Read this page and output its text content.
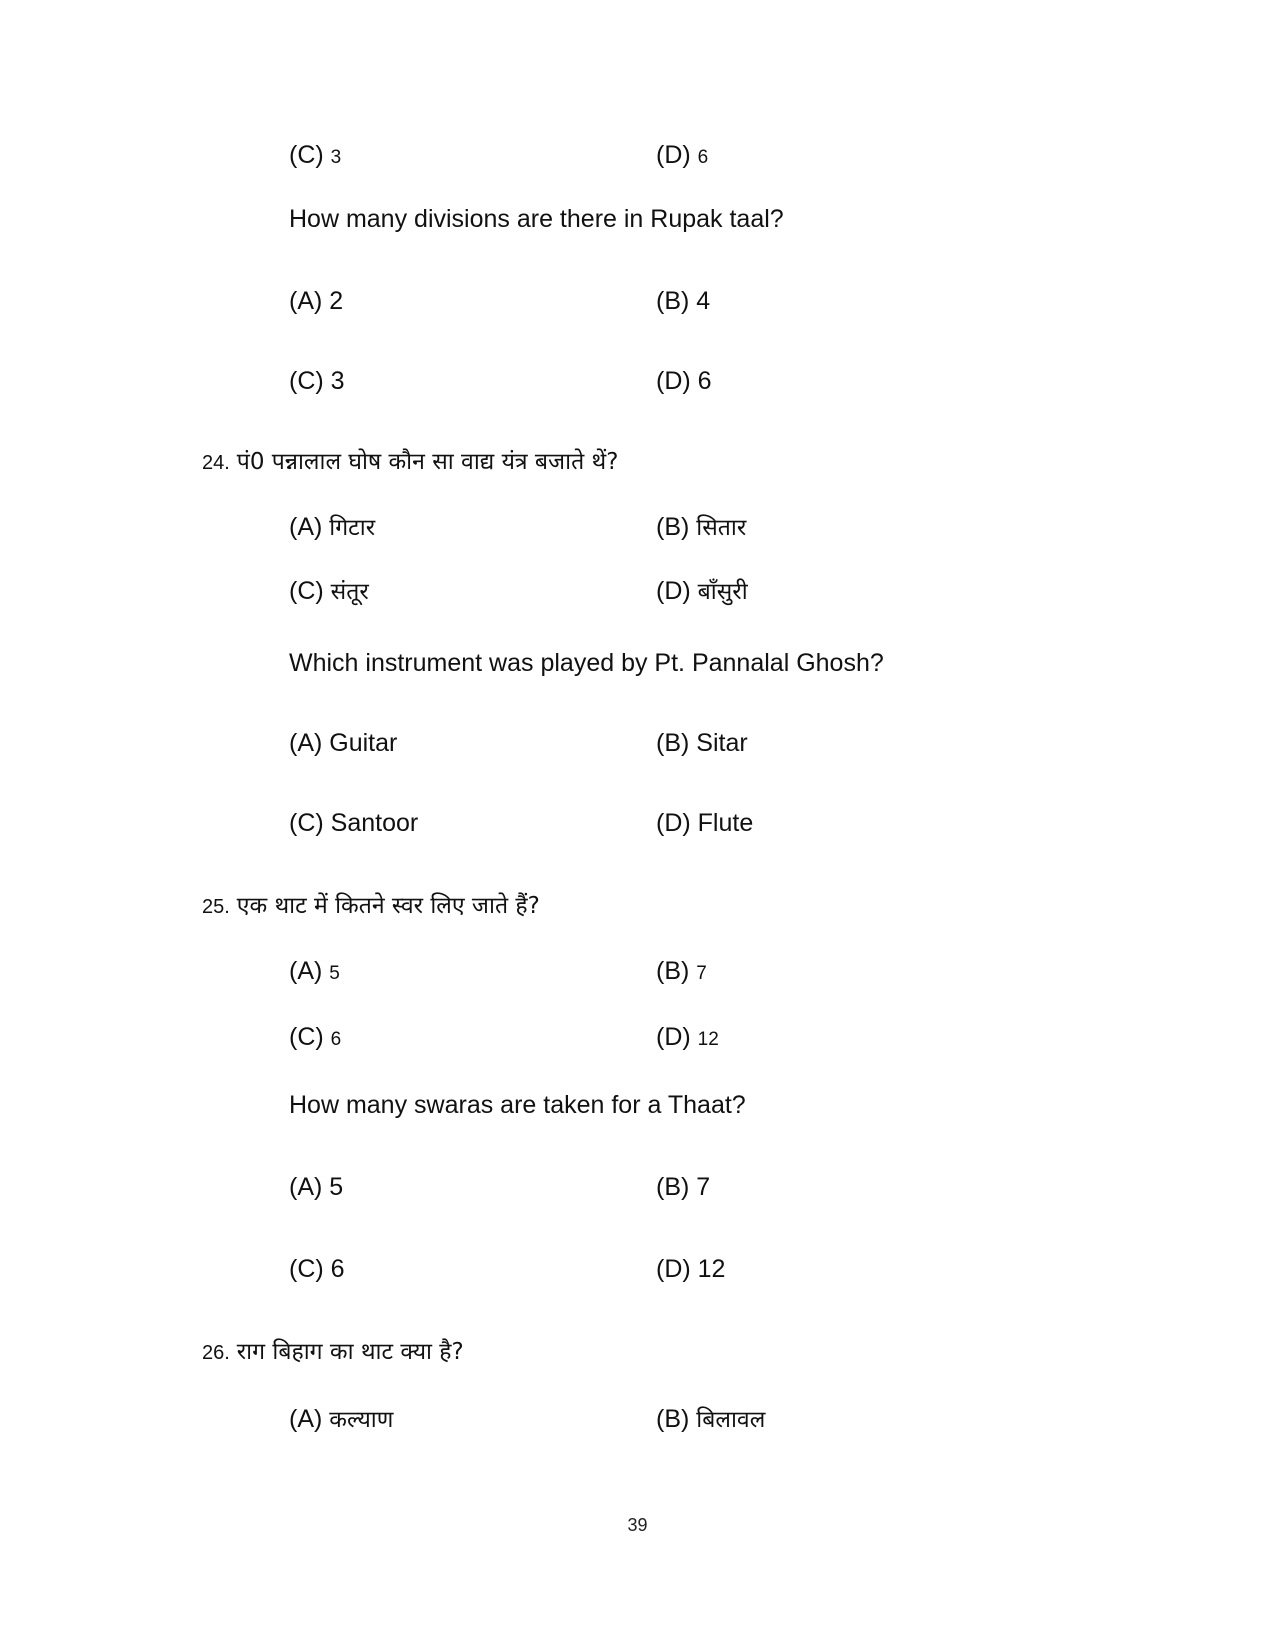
(C) 3	(D) 6
How many divisions are there in Rupak taal?
(A) 2	(B) 4
(C) 3	(D) 6
24. पं0 पन्नालाल घोष कौन सा वाद्य यंत्र बजाते थें?
(A) गिटार	(B) सितार
(C) संतूर	(D) बाँसुरी
Which instrument was played by Pt. Pannalal Ghosh?
(A) Guitar	(B) Sitar
(C) Santoor	(D) Flute
25. एक थाट में कितने स्वर लिए जाते हैं?
(A) 5	(B) 7
(C) 6	(D) 12
How many swaras are taken for a Thaat?
(A) 5	(B) 7
(C) 6	(D) 12
26. राग बिहाग का थाट क्या है?
(A) कल्याण	(B) बिलावल
39
